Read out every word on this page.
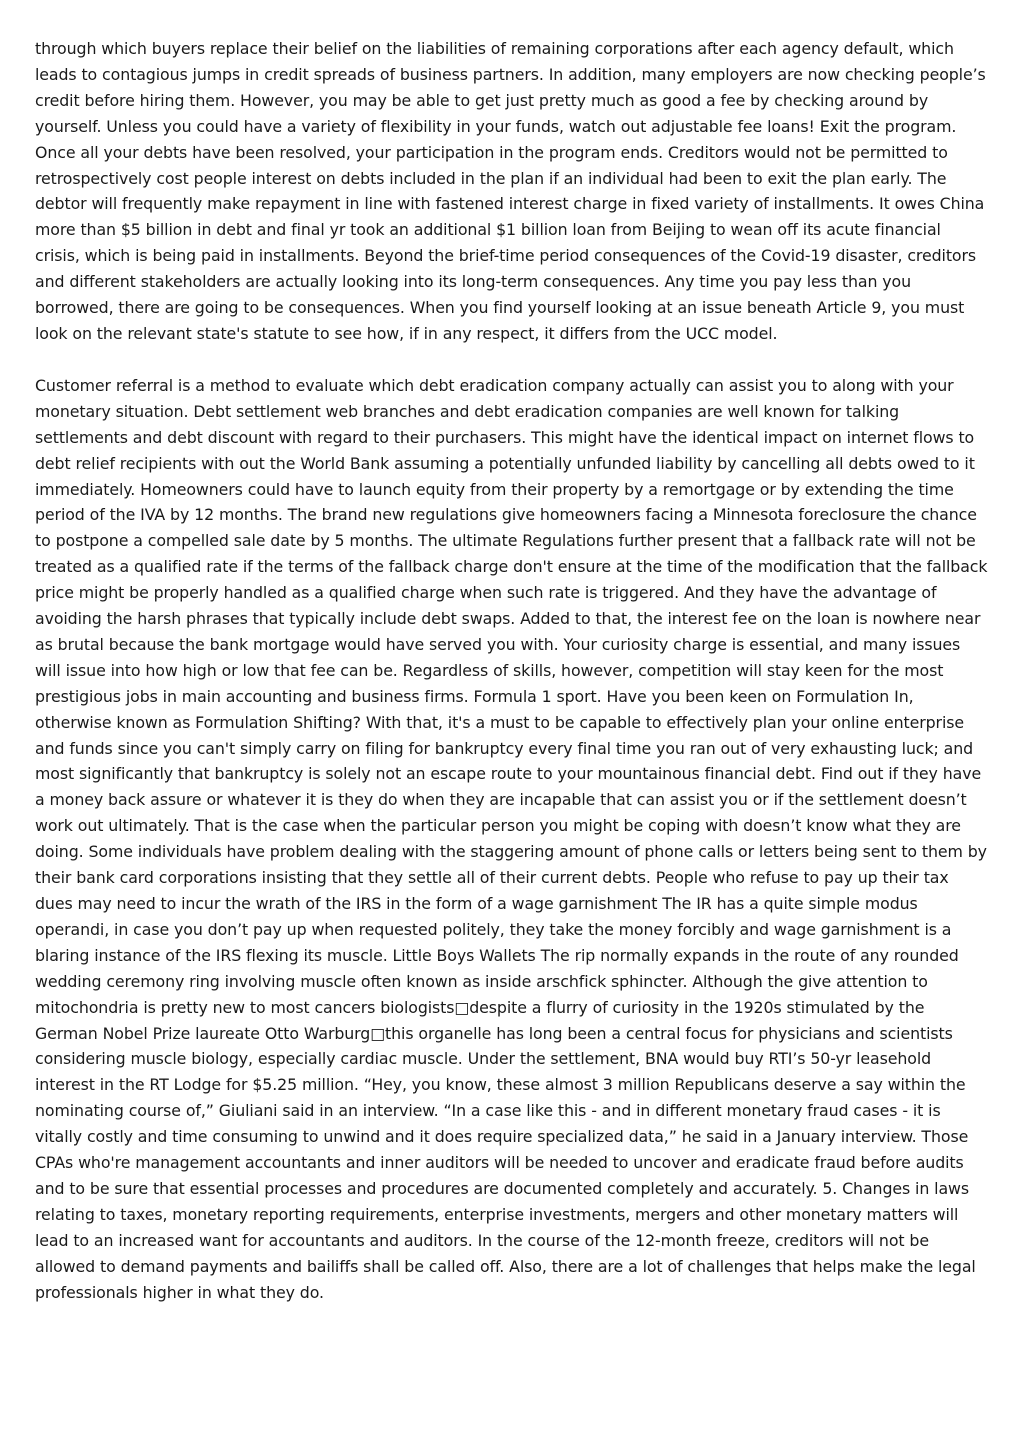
through which buyers replace their belief on the liabilities of remaining corporations after each agency default, which leads to contagious jumps in credit spreads of business partners. In addition, many employers are now checking people’s credit before hiring them. However, you may be able to get just pretty much as good a fee by checking around by yourself. Unless you could have a variety of flexibility in your funds, watch out adjustable fee loans! Exit the program. Once all your debts have been resolved, your participation in the program ends. Creditors would not be permitted to retrospectively cost people interest on debts included in the plan if an individual had been to exit the plan early. The debtor will frequently make repayment in line with fastened interest charge in fixed variety of installments. It owes China more than $5 billion in debt and final yr took an additional $1 billion loan from Beijing to wean off its acute financial crisis, which is being paid in installments. Beyond the brief-time period consequences of the Covid-19 disaster, creditors and different stakeholders are actually looking into its long-term consequences. Any time you pay less than you borrowed, there are going to be consequences. When you find yourself looking at an issue beneath Article 9, you must look on the relevant state's statute to see how, if in any respect, it differs from the UCC model.

Customer referral is a method to evaluate which debt eradication company actually can assist you to along with your monetary situation. Debt settlement web branches and debt eradication companies are well known for talking settlements and debt discount with regard to their purchasers. This might have the identical impact on internet flows to debt relief recipients with out the World Bank assuming a potentially unfunded liability by cancelling all debts owed to it immediately. Homeowners could have to launch equity from their property by a remortgage or by extending the time period of the IVA by 12 months. The brand new regulations give homeowners facing a Minnesota foreclosure the chance to postpone a compelled sale date by 5 months. The ultimate Regulations further present that a fallback rate will not be treated as a qualified rate if the terms of the fallback charge don't ensure at the time of the modification that the fallback price might be properly handled as a qualified charge when such rate is triggered. And they have the advantage of avoiding the harsh phrases that typically include debt swaps. Added to that, the interest fee on the loan is nowhere near as brutal because the bank mortgage would have served you with. Your curiosity charge is essential, and many issues will issue into how high or low that fee can be. Regardless of skills, however, competition will stay keen for the most prestigious jobs in main accounting and business firms. Formula 1 sport. Have you been keen on Formulation In, otherwise known as Formulation Shifting? With that, it's a must to be capable to effectively plan your online enterprise and funds since you can't simply carry on filing for bankruptcy every final time you ran out of very exhausting luck; and most significantly that bankruptcy is solely not an escape route to your mountainous financial debt. Find out if they have a money back assure or whatever it is they do when they are incapable that can assist you or if the settlement doesn’t work out ultimately. That is the case when the particular person you might be coping with doesn’t know what they are doing. Some individuals have problem dealing with the staggering amount of phone calls or letters being sent to them by their bank card corporations insisting that they settle all of their current debts. People who refuse to pay up their tax dues may need to incur the wrath of the IRS in the form of a wage garnishment The IR has a quite simple modus operandi, in case you don’t pay up when requested politely, they take the money forcibly and wage garnishment is a blaring instance of the IRS flexing its muscle. Little Boys Wallets The rip normally expands in the route of any rounded wedding ceremony ring involving muscle often known as inside arschfick sphincter. Although the give attention to mitochondria is pretty new to most cancers biologists□despite a flurry of curiosity in the 1920s stimulated by the German Nobel Prize laureate Otto Warburg□this organelle has long been a central focus for physicians and scientists considering muscle biology, especially cardiac muscle. Under the settlement, BNA would buy RTI’s 50-yr leasehold interest in the RT Lodge for $5.25 million. “Hey, you know, these almost 3 million Republicans deserve a say within the nominating course of,” Giuliani said in an interview. “In a case like this - and in different monetary fraud cases - it is vitally costly and time consuming to unwind and it does require specialized data,” he said in a January interview. Those CPAs who're management accountants and inner auditors will be needed to uncover and eradicate fraud before audits and to be sure that essential processes and procedures are documented completely and accurately. 5. Changes in laws relating to taxes, monetary reporting requirements, enterprise investments, mergers and other monetary matters will lead to an increased want for accountants and auditors. In the course of the 12-month freeze, creditors will not be allowed to demand payments and bailiffs shall be called off. Also, there are a lot of challenges that helps make the legal professionals higher in what they do.
